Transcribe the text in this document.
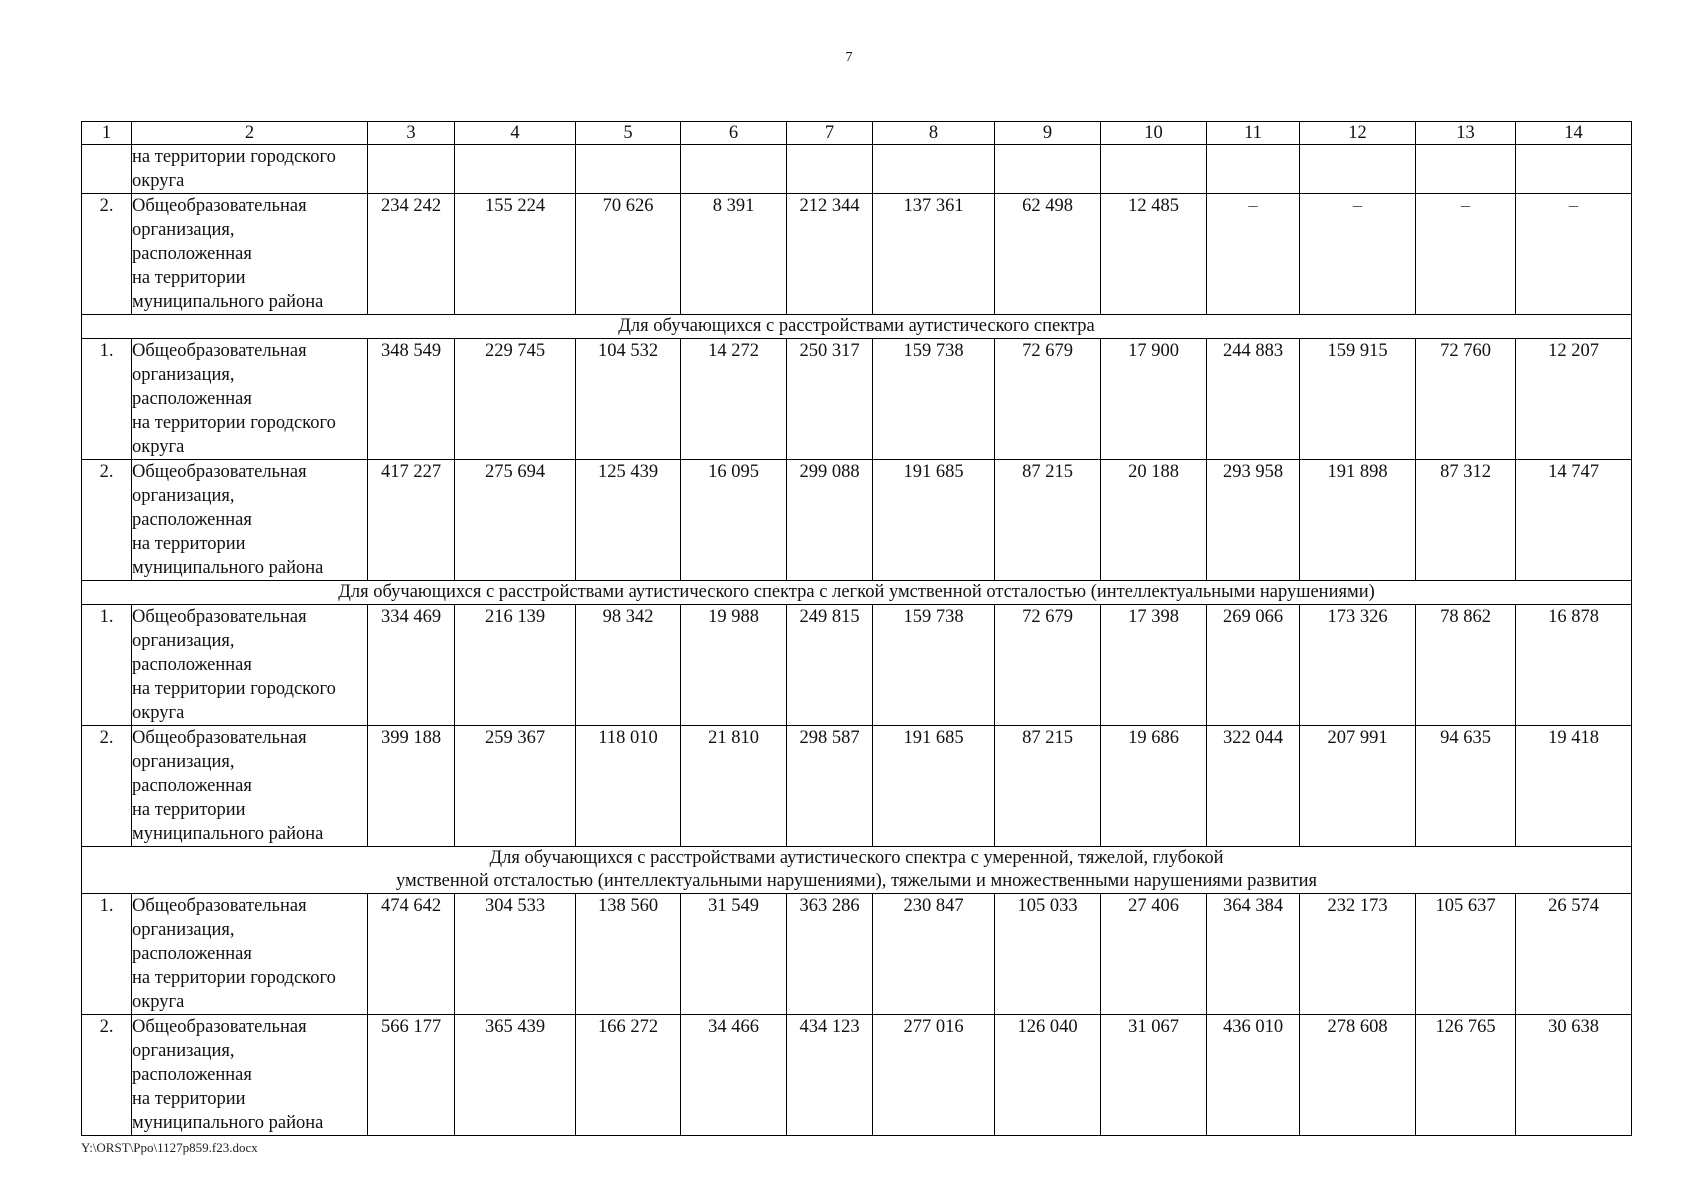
7
1	2	3	4	5	6	7	8	9	10	11	12	13	14

	на территории городского
округа												

2.	Общеобразовательная
организация,
расположенная
на территории
муниципального района	234 242	155 224	70 626	8 391	212 344	137 361	62 498	12 485	–	–	–	–

Для обучающихся с расстройствами аутистического спектра													

1.	Общеобразовательная
организация,
расположенная
на территории городского
округа	348 549	229 745	104 532	14 272	250 317	159 738	72 679	17 900	244 883	159 915	72 760	12 207
2.	Общеобразовательная
организация,
расположенная
на территории
муниципального района	417 227	275 694	125 439	16 095	299 088	191 685	87 215	20 188	293 958	191 898	87 312	14 747

Для обучающихся с расстройствами аутистического спектра с легкой умственной отсталостью (интеллектуальными нарушениями)													

1.	Общеобразовательная
организация,
расположенная
на территории городского
округа	334 469	216 139	98 342	19 988	249 815	159 738	72 679	17 398	269 066	173 326	78 862	16 878
2.	Общеобразовательная
организация,
расположенная
на территории
муниципального района	399 188	259 367	118 010	21 810	298 587	191 685	87 215	19 686	322 044	207 991	94 635	19 418

Для обучающихся с расстройствами аутистического спектра с умеренной, тяжелой, глубокой
умственной отсталостью (интеллектуальными нарушениями), тяжелыми и множественными нарушениями развития													

1.	Общеобразовательная
организация,
расположенная
на территории городского
округа	474 642	304 533	138 560	31 549	363 286	230 847	105 033	27 406	364 384	232 173	105 637	26 574
2.	Общеобразовательная
организация,
расположенная
на территории
муниципального района	566 177	365 439	166 272	34 466	434 123	277 016	126 040	31 067	436 010	278 608	126 765	30 638
Y:\ORST\Ppo\1127p859.f23.docx
